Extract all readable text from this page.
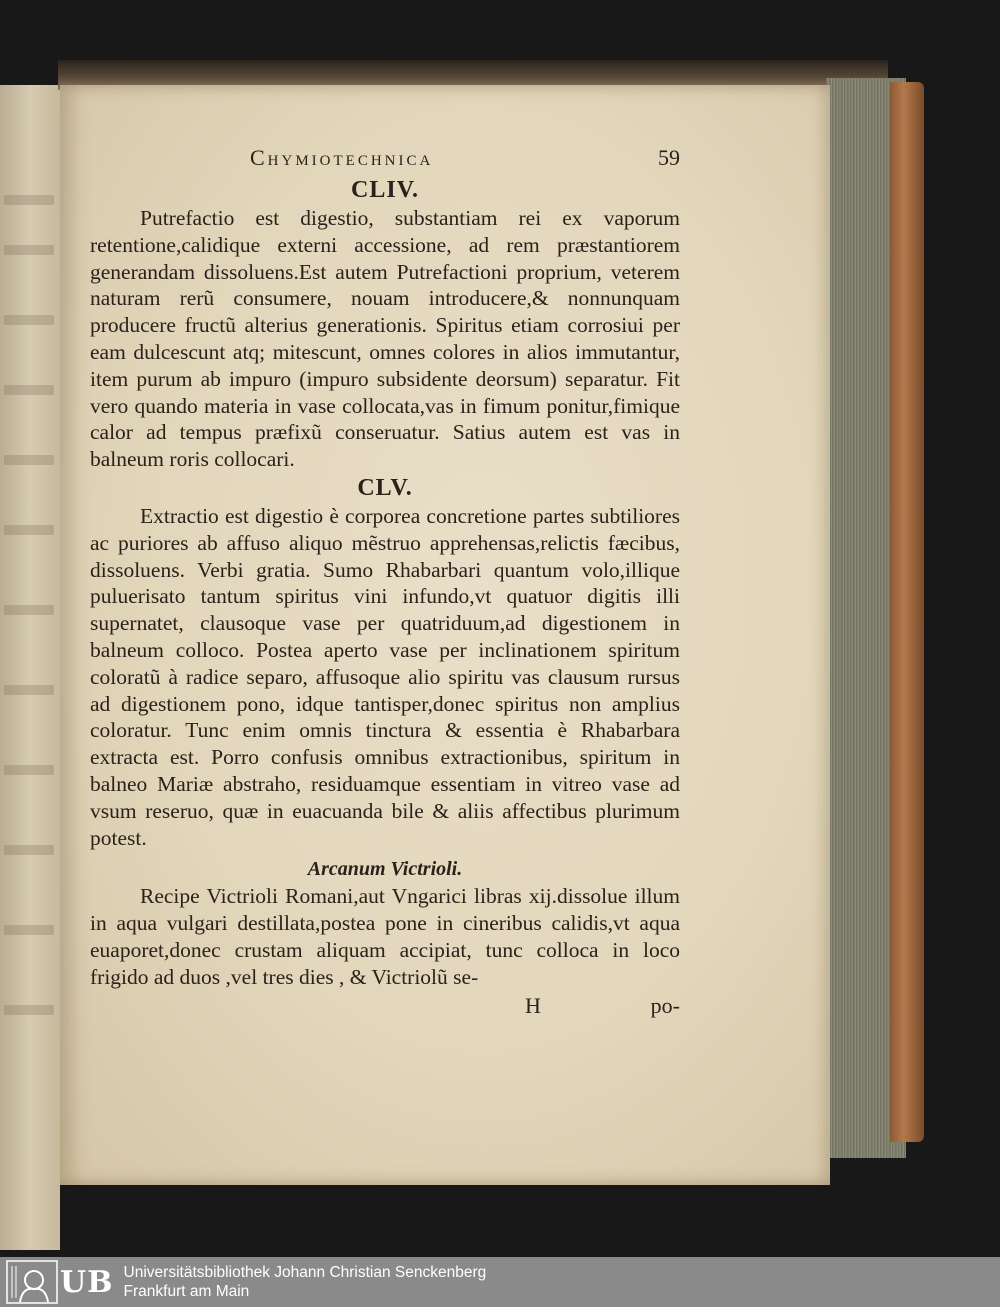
Chymiotechnica	59
CLIV.

Putrefactio est digestio, substantiam rei ex vaporum retentione,calidique externi accessione, ad rem præstantiorem generandam dissoluens.Est autem Putrefactioni proprium, veterem naturam rerũ consumere, nouam introducere,& nonnunquam producere fructũ alterius generationis. Spiritus etiam corrosiui per eam dulcescunt atq; mitescunt, omnes colores in alios immutantur, item purum ab impuro (impuro subsidente deorsum) separatur. Fit vero quando materia in vase collocata,vas in fimum ponitur,fimique calor ad tempus præfixũ conseruatur. Satius autem est vas in balneum roris collocari.

CLV.

Extractio est digestio è corporea concretione partes subtiliores ac puriores ab affuso aliquo mẽstruo apprehensas,relictis fæcibus, dissoluens. Verbi gratia. Sumo Rhabarbari quantum volo,illique puluerisato tantum spiritus vini infundo,vt quatuor digitis illi supernatet, clausoque vase per quatriduum,ad digestionem in balneum colloco. Postea aperto vase per inclinationem spiritum coloratũ à radice separo, affusoque alio spiritu vas clausum rursus ad digestionem pono, idque tantisper,donec spiritus non amplius coloratur. Tunc enim omnis tinctura & essentia è Rhabarbara extracta est. Porro confusis omnibus extractionibus, spiritum in balneo Mariæ abstraho, residuamque essentiam in vitreo vase ad vsum reseruo, quæ in euacuanda bile & aliis affectibus plurimum potest.

Arcanum Victrioli.

Recipe Victrioli Romani,aut Vngarici libras xij.dissolue illum in aqua vulgari destillata,postea pone in cineribus calidis,vt aqua euaporet,donec crustam aliquam accipiat, tunc colloca in loco frigido ad duos ,vel tres dies , & Victriolũ se-

H	po-
UB Universitätsbibliothek Johann Christian Senckenberg
Frankfurt am Main
